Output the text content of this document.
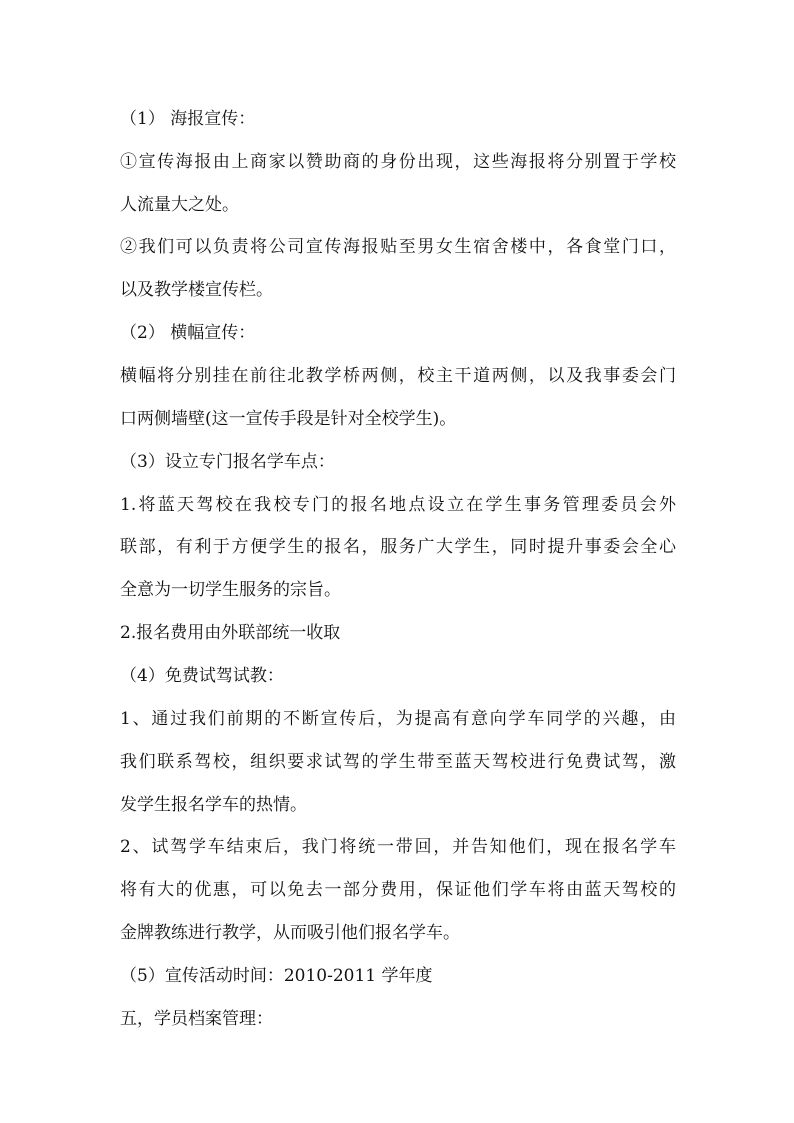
（1） 海报宣传：

①宣传海报由上商家以赞助商的身份出现，这些海报将分别置于学校

人流量大之处。

②我们可以负责将公司宣传海报贴至男女生宿舍楼中，各食堂门口，

以及教学楼宣传栏。

（2） 横幅宣传：

横幅将分别挂在前往北教学桥两侧，校主干道两侧，以及我事委会门

口两侧墙壁(这一宣传手段是针对全校学生)。

（3）设立专门报名学车点：

1.将蓝天驾校在我校专门的报名地点设立在学生事务管理委员会外

联部，有利于方便学生的报名，服务广大学生，同时提升事委会全心

全意为一切学生服务的宗旨。

2.报名费用由外联部统一收取

（4）免费试驾试教：

1、通过我们前期的不断宣传后，为提高有意向学车同学的兴趣，由

我们联系驾校，组织要求试驾的学生带至蓝天驾校进行免费试驾，激

发学生报名学车的热情。

2、试驾学车结束后，我门将统一带回，并告知他们，现在报名学车

将有大的优惠，可以免去一部分费用，保证他们学车将由蓝天驾校的

金牌教练进行教学，从而吸引他们报名学车。

（5）宣传活动时间：2010-2011 学年度

五，学员档案管理：
